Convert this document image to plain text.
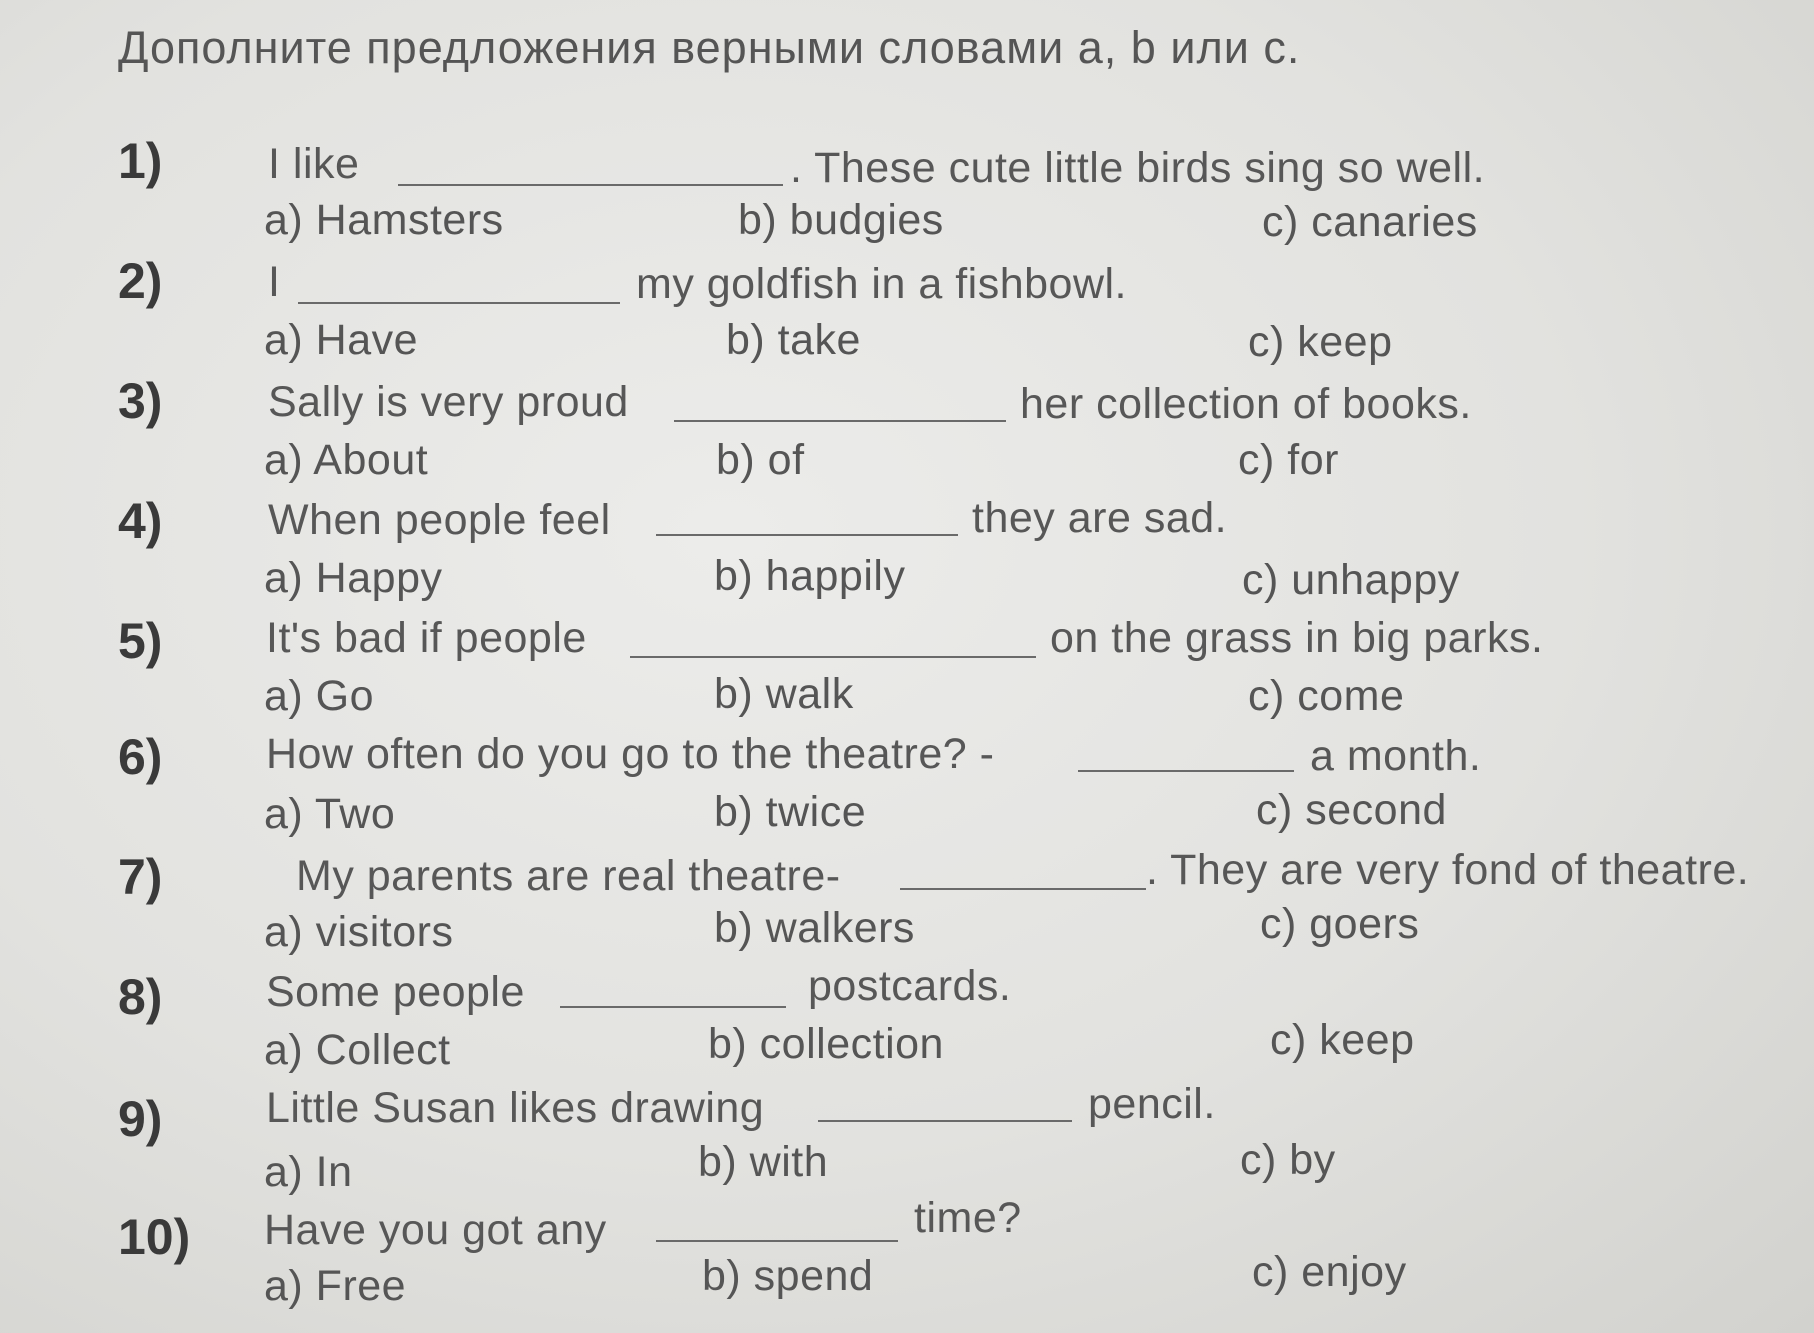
Дополните предложения верными словами a, b или c.
1) I like	. These cute little birds sing so well.
a) Hamsters	b) budgies	c) canaries
2) I	my goldfish in a fishbowl.
a) Have	b) take	c) keep
3) Sally is very proud	her collection of books.
a) About	b) of	c) for
4) When people feel	they are sad.
a) Happy	b) happily	c) unhappy
5) It's bad if people	on the grass in big parks.
a) Go	b) walk	c) come
6) How often do you go to the theatre? -	a month.
a) Two	b) twice	c) second
7)	My parents are real theatre-	. They are very fond of theatre.
a) visitors	b) walkers	c) goers
8) Some people	postcards.
a) Collect	b) collection	c) keep
9) Little Susan likes drawing	pencil.
a) In	b) with	c) by
10) Have you got any	time?
a) Free	b) spend	c) enjoy
